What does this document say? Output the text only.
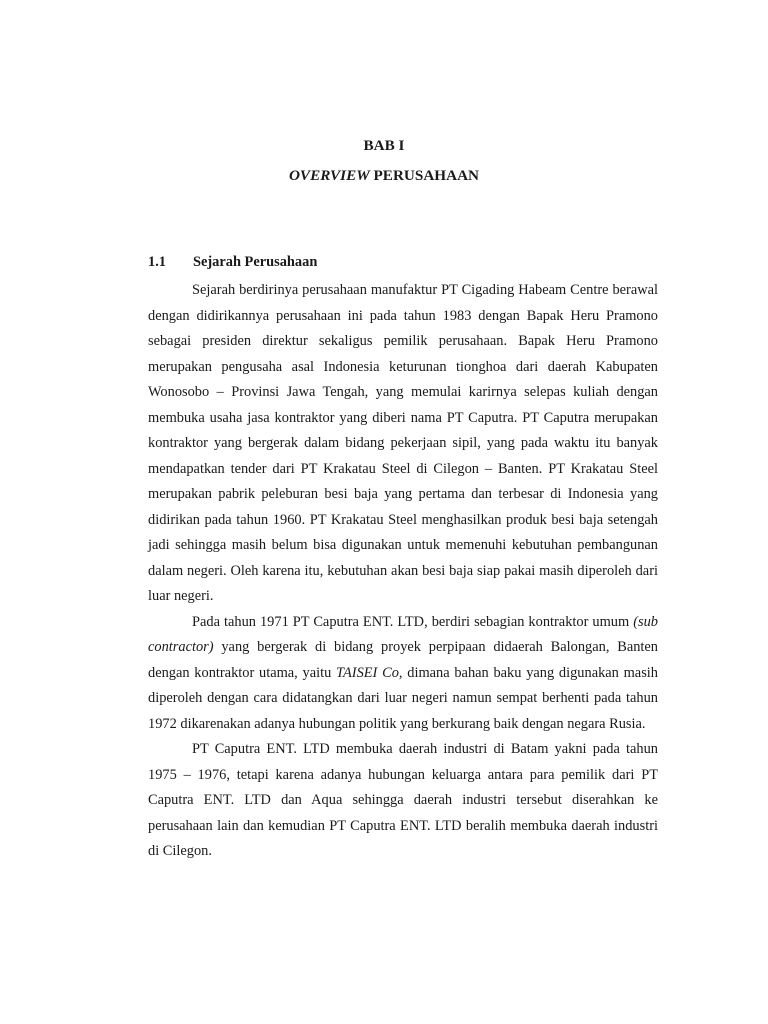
BAB I
OVERVIEW PERUSAHAAN
1.1 Sejarah Perusahaan

Sejarah berdirinya perusahaan manufaktur PT Cigading Habeam Centre berawal dengan didirikannya perusahaan ini pada tahun 1983 dengan Bapak Heru Pramono sebagai presiden direktur sekaligus pemilik perusahaan. Bapak Heru Pramono merupakan pengusaha asal Indonesia keturunan tionghoa dari daerah Kabupaten Wonosobo – Provinsi Jawa Tengah, yang memulai karirnya selepas kuliah dengan membuka usaha jasa kontraktor yang diberi nama PT Caputra. PT Caputra merupakan kontraktor yang bergerak dalam bidang pekerjaan sipil, yang pada waktu itu banyak mendapatkan tender dari PT Krakatau Steel di Cilegon – Banten. PT Krakatau Steel merupakan pabrik peleburan besi baja yang pertama dan terbesar di Indonesia yang didirikan pada tahun 1960. PT Krakatau Steel menghasilkan produk besi baja setengah jadi sehingga masih belum bisa digunakan untuk memenuhi kebutuhan pembangunan dalam negeri. Oleh karena itu, kebutuhan akan besi baja siap pakai masih diperoleh dari luar negeri.

Pada tahun 1971 PT Caputra ENT. LTD, berdiri sebagian kontraktor umum (sub contractor) yang bergerak di bidang proyek perpipaan didaerah Balongan, Banten dengan kontraktor utama, yaitu TAISEI Co, dimana bahan baku yang digunakan masih diperoleh dengan cara didatangkan dari luar negeri namun sempat berhenti pada tahun 1972 dikarenakan adanya hubungan politik yang berkurang baik dengan negara Rusia.

PT Caputra ENT. LTD membuka daerah industri di Batam yakni pada tahun 1975 – 1976, tetapi karena adanya hubungan keluarga antara para pemilik dari PT Caputra ENT. LTD dan Aqua sehingga daerah industri tersebut diserahkan ke perusahaan lain dan kemudian PT Caputra ENT. LTD beralih membuka daerah industri di Cilegon.
